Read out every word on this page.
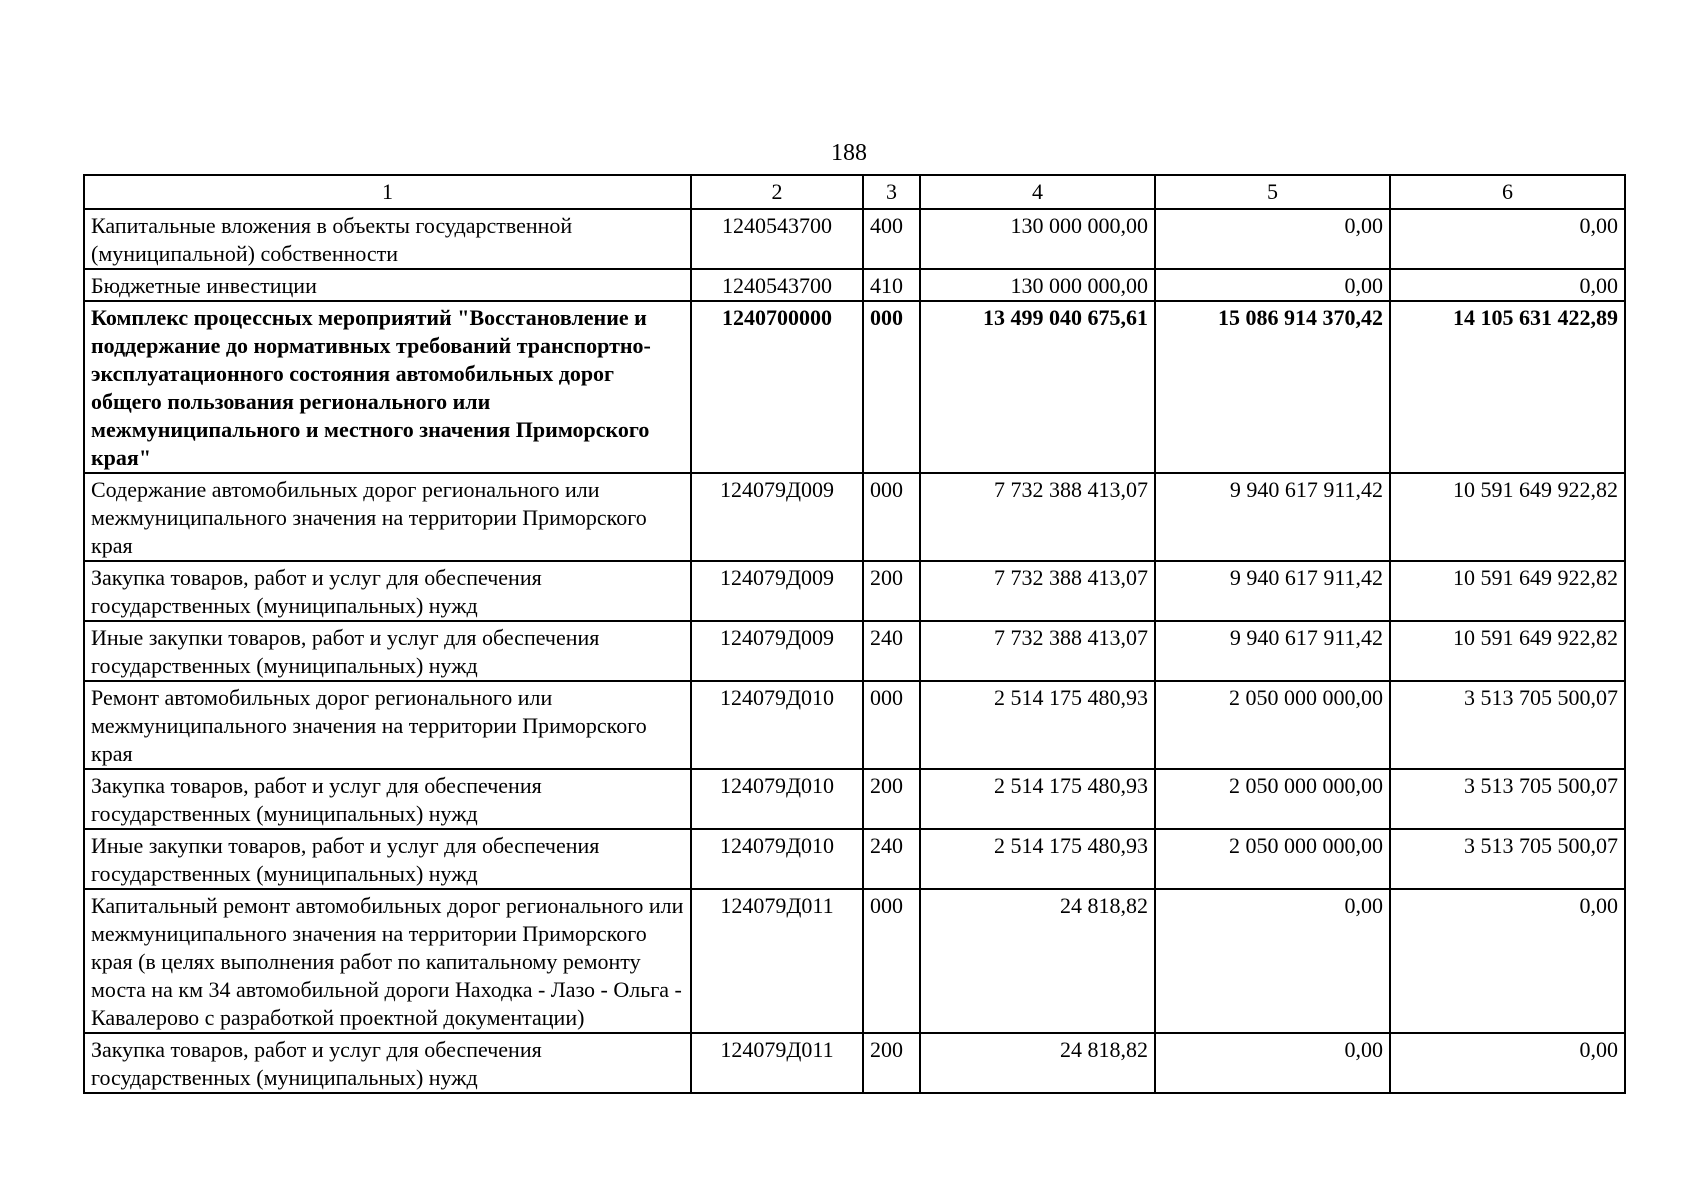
188
1	2	3	4	5	6
Капитальные вложения в объекты государственной (муниципальной) собственности	1240543700	400	130 000 000,00	0,00	0,00
Бюджетные инвестиции	1240543700	410	130 000 000,00	0,00	0,00
Комплекс процессных мероприятий "Восстановление и поддержание до нормативных требований транспортно-эксплуатационного состояния автомобильных дорог общего пользования регионального или межмуниципального и местного значения Приморского края"	1240700000	000	13 499 040 675,61	15 086 914 370,42	14 105 631 422,89
Содержание автомобильных дорог регионального или межмуниципального значения на территории Приморского края	124079Д009	000	7 732 388 413,07	9 940 617 911,42	10 591 649 922,82
Закупка товаров, работ и услуг для обеспечения государственных (муниципальных) нужд	124079Д009	200	7 732 388 413,07	9 940 617 911,42	10 591 649 922,82
Иные закупки товаров, работ и услуг для обеспечения государственных (муниципальных) нужд	124079Д009	240	7 732 388 413,07	9 940 617 911,42	10 591 649 922,82
Ремонт автомобильных дорог регионального или межмуниципального значения на территории Приморского края	124079Д010	000	2 514 175 480,93	2 050 000 000,00	3 513 705 500,07
Закупка товаров, работ и услуг для обеспечения государственных (муниципальных) нужд	124079Д010	200	2 514 175 480,93	2 050 000 000,00	3 513 705 500,07
Иные закупки товаров, работ и услуг для обеспечения государственных (муниципальных) нужд	124079Д010	240	2 514 175 480,93	2 050 000 000,00	3 513 705 500,07
Капитальный ремонт автомобильных дорог регионального или межмуниципального значения на территории Приморского края (в целях выполнения работ по капитальному ремонту моста на км 34 автомобильной дороги Находка - Лазо - Ольга - Кавалерово с разработкой проектной документации)	124079Д011	000	24 818,82	0,00	0,00
Закупка товаров, работ и услуг для обеспечения государственных (муниципальных) нужд	124079Д011	200	24 818,82	0,00	0,00
